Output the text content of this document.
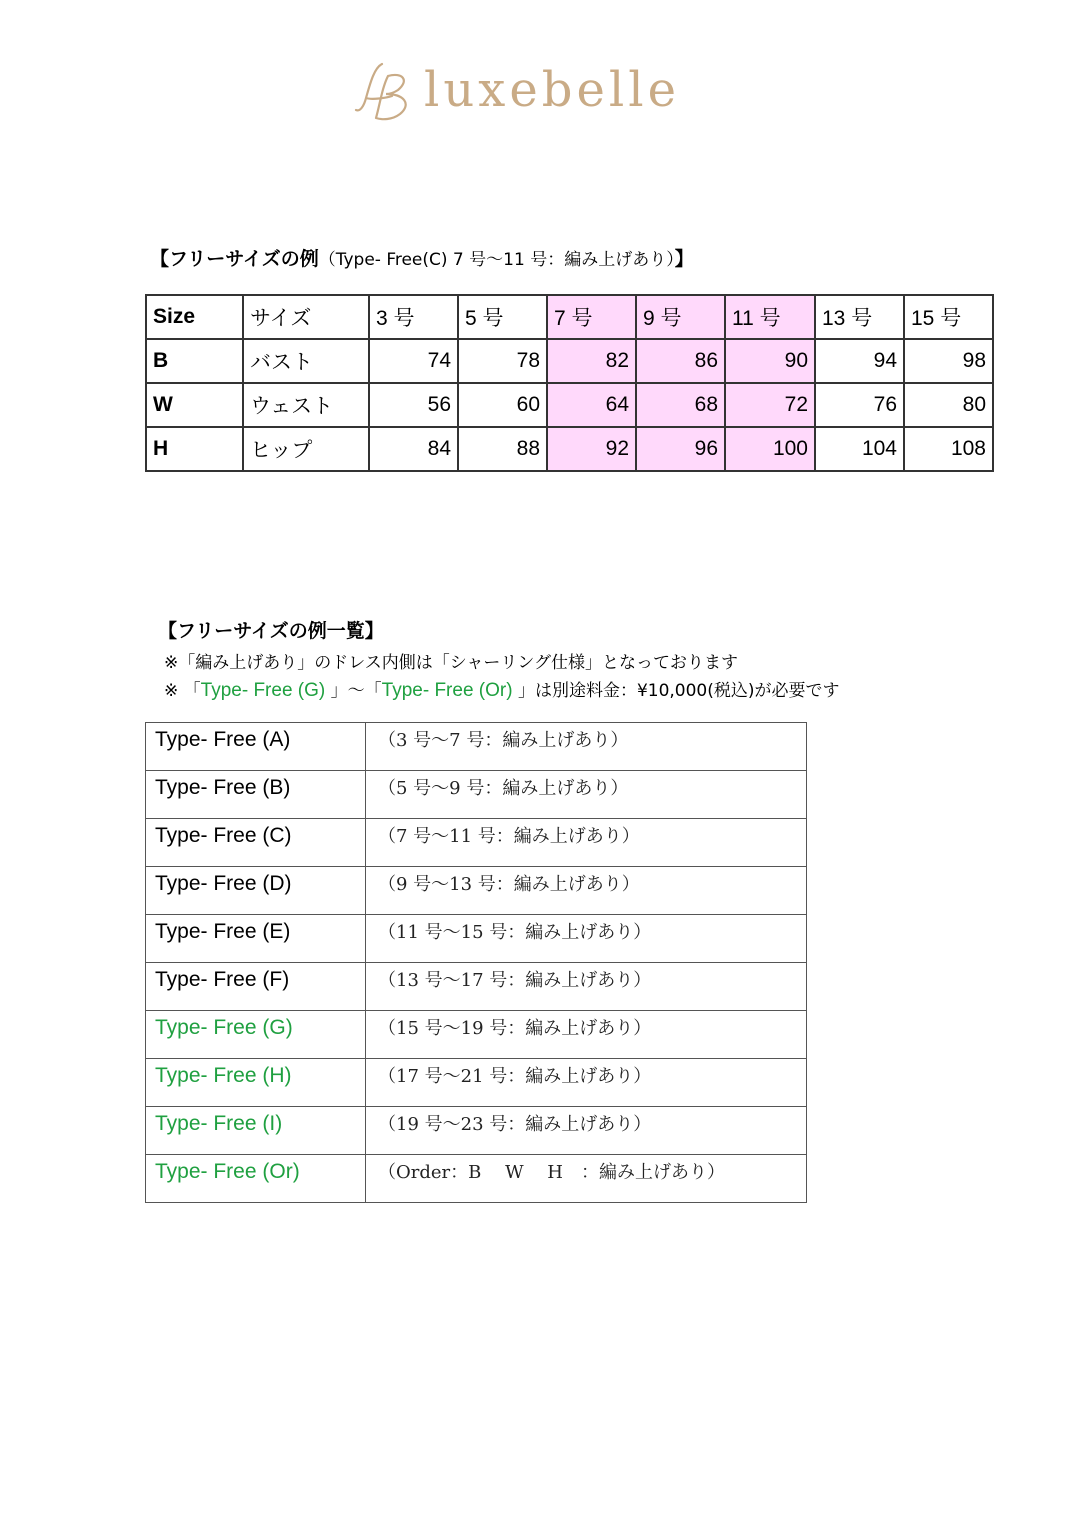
luxebelle
【フリーサイズの例（Type- Free(C) 7 号〜11 号：編み上げあり）】
Size	サイズ	3 号	5 号	7 号	9 号	11 号	13 号	15 号
B	バスト	74	78	82	86	90	94	98
W	ウェスト	56	60	64	68	72	76	80
H	ヒップ	84	88	92	96	100	104	108
【フリーサイズの例一覧】
※「編み上げあり」のドレス内側は「シャーリング仕様」となっております
※ 「Type- Free (G) 」〜「Type- Free (Or) 」は別途料金：¥10,000(税込)が必要です
Type- Free (A)	（3 号〜7 号：編み上げあり）
Type- Free (B)	（5 号〜9 号：編み上げあり）
Type- Free (C)	（7 号〜11 号：編み上げあり）
Type- Free (D)	（9 号〜13 号：編み上げあり）
Type- Free (E)	（11 号〜15 号：編み上げあり）
Type- Free (F)	（13 号〜17 号：編み上げあり）
Type- Free (G)	（15 号〜19 号：編み上げあり）
Type- Free (H)	（17 号〜21 号：編み上げあり）
Type- Free (I)	（19 号〜23 号：編み上げあり）
Type- Free (Or)	（Order：B　 W　 H　：編み上げあり）
